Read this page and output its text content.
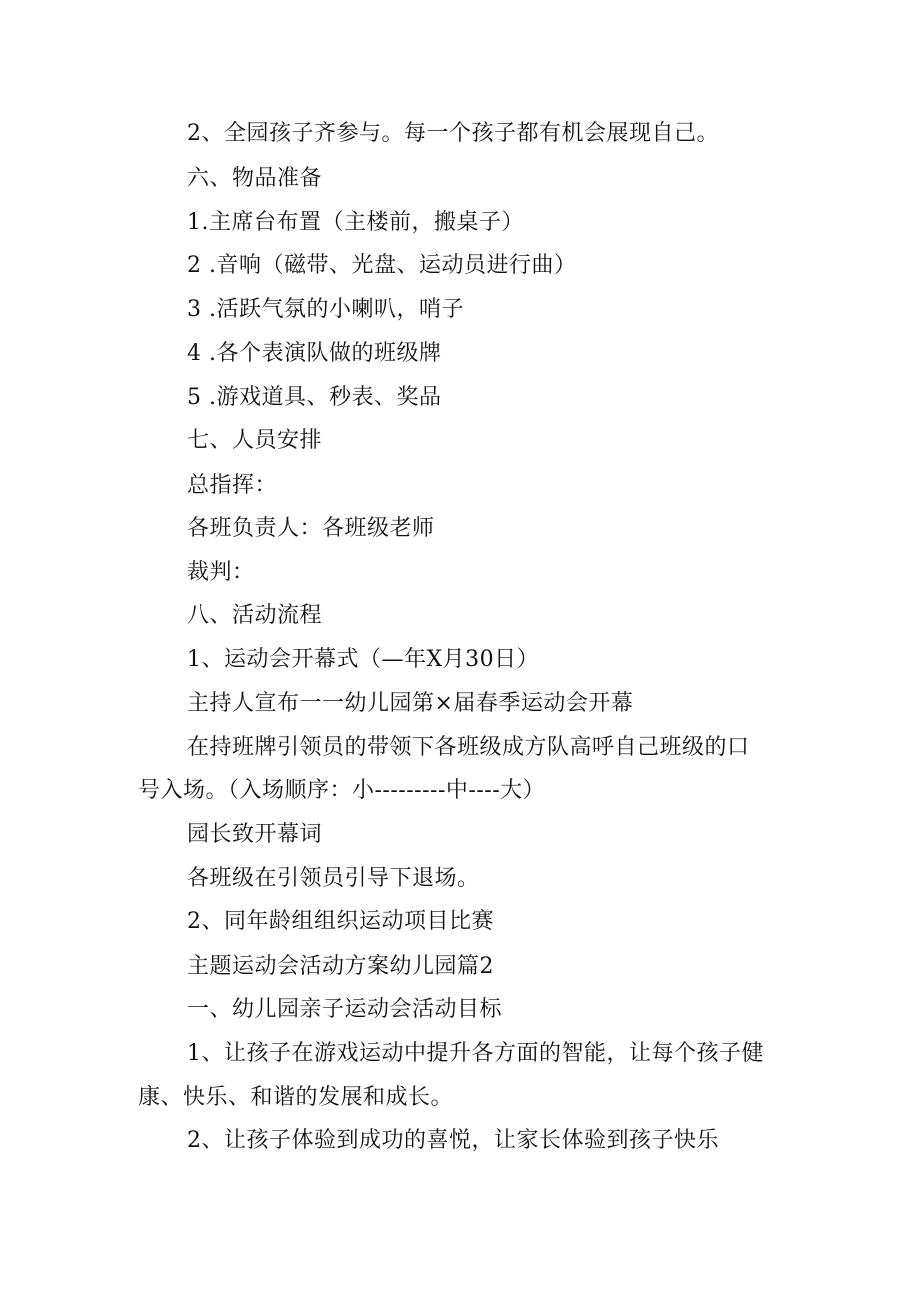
2、全园孩子齐参与。每一个孩子都有机会展现自己。
六、物品准备
1.主席台布置（主楼前，搬桌子）
2 .音响（磁带、光盘、运动员进行曲）
3 .活跃气氛的小喇叭，哨子
4 .各个表演队做的班级牌
5 .游戏道具、秒表、奖品
七、人员安排
总指挥：
各班负责人：各班级老师
裁判：
八、活动流程
1、运动会开幕式（—年X月30日）
主持人宣布一一幼儿园第×届春季运动会开幕
在持班牌引领员的带领下各班级成方队高呼自己班级的口
号入场。（入场顺序：小---------中----大）
园长致开幕词
各班级在引领员引导下退场。
2、同年龄组组织运动项目比赛
主题运动会活动方案幼儿园篇2
一、幼儿园亲子运动会活动目标
1、让孩子在游戏运动中提升各方面的智能，让每个孩子健
康、快乐、和谐的发展和成长。
2、让孩子体验到成功的喜悦，让家长体验到孩子快乐
